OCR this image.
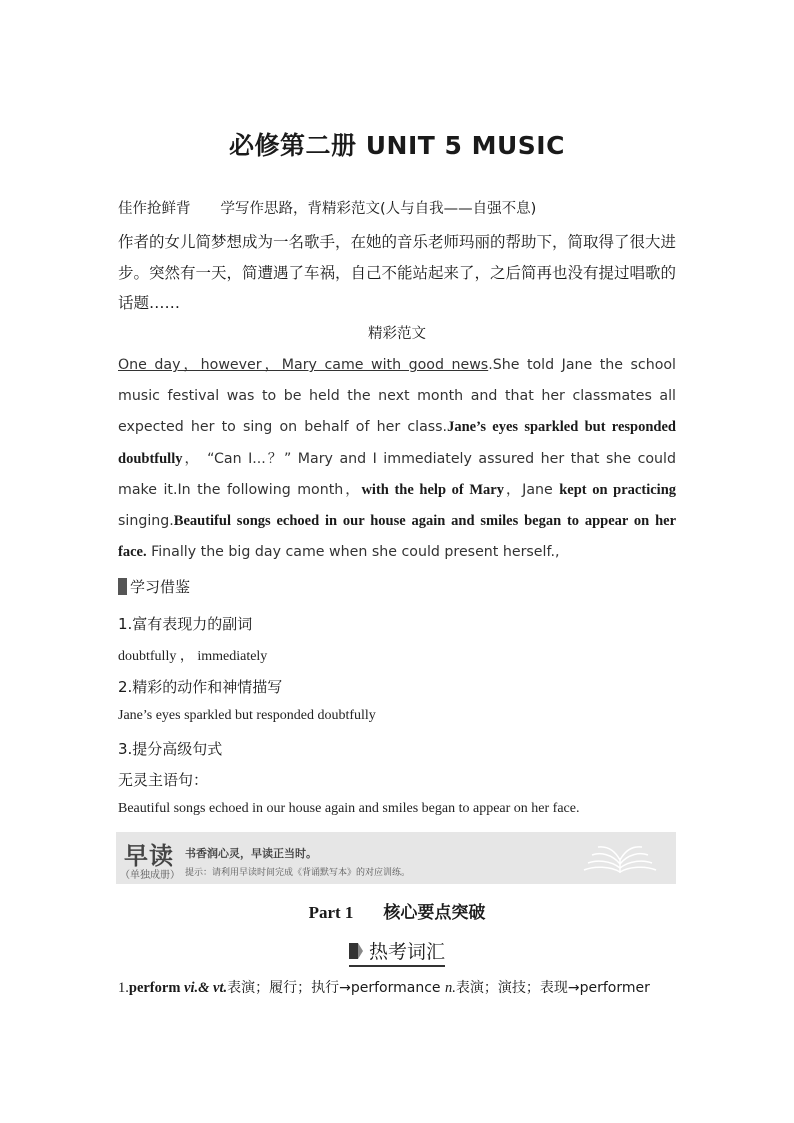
必修第二册 UNIT 5 MUSIC
佳作抢鲜背 学写作思路，背精彩范文(人与自我——自强不息)
作者的女儿简梦想成为一名歌手，在她的音乐老师玛丽的帮助下，简取得了很大进步。突然有一天，简遭遇了车祸，自己不能站起来了，之后简再也没有提过唱歌的话题……
精彩范文
One day，however，Mary came with good news.She told Jane the school music festival was to be held the next month and that her classmates all expected her to sing on behalf of her class.Jane’s eyes sparkled but responded doubtfully， “Can I...？” Mary and I immediately assured her that she could make it.In the following month，with the help of Mary，Jane kept on practicing singing.Beautiful songs echoed in our house again and smiles began to appear on her face. Finally the big day came when she could present herself.,
学习借鉴
1.富有表现力的副词
doubtfully ， immediately
2.精彩的动作和神情描写
Jane’s eyes sparkled but responded doubtfully
3.提分高级句式
无灵主语句：
Beautiful songs echoed in our house again and smiles began to appear on her face.
早读
（单独成册）
书香润心灵，早读正当时。
提示：请利用早读时间完成《背诵默写本》的对应训练。
Part 1 核心要点突破
热考词汇
1.perform vi.& vt.表演；履行；执行→performance n.表演；演技；表现→performer
